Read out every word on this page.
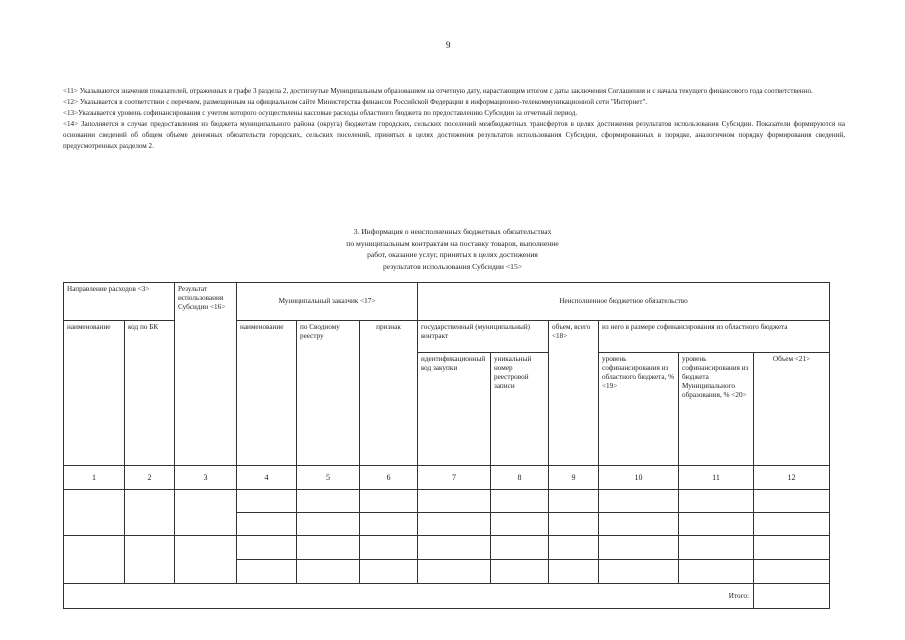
9

<11> Указываются значения показателей, отраженных в графе 3 раздела 2, достигнутые Муниципальным образованием на отчетную дату, нарастающим итогом с даты заключения Соглашения и с начала текущего финансового года соответственно.

<12> Указывается в соответствии с перечнем, размещенным на официальном сайте Министерства финансов Российской Федерации в информационно-телекоммуникационной сети "Интернет".

<13>Указывается уровень софинансирования с учетом которого осуществлены кассовые расходы областного бюджета по предоставлению Субсидии за отчетный период.

<14> Заполняется в случае предоставления из бюджета муниципального района (округа) бюджетам городских, сельских поселений межбюджетных трансфертов в целях достижения результатов использования Субсидии. Показатели формируются на основании сведений об общем объеме денежных обязательств городских, сельских поселений, принятых в целях достижения результатов использования Субсидии, сформированных в порядке, аналогичном порядку формирования сведений, предусмотренных разделом 2.

3. Информация о неисполненных бюджетных обязательствах
по муниципальным контрактам на поставку товаров, выполнение
работ, оказание услуг, принятых в целях достижения
результатов использования Субсидии <15>
Направление расходов <3>		Результат использования Субсидии <16>	Муниципальный заказчик <17>			Неисполненное бюджетное обязательство					
наименование	код по БК		наименование	по Сводному реестру	признак	государственный (муниципальный) контракт		объем, всего <18>	из него в размере софинансирования из областного бюджета		
						идентификационный код закупки	уникальный номер реестровой записи		уровень софинансирования из областного бюджета, % <19>	уровень софинансирования из бюджета Муниципального образования, % <20>	Объем <21>
1	2	3	4	5	6	7	8	9	10	11	12

Итого:											
